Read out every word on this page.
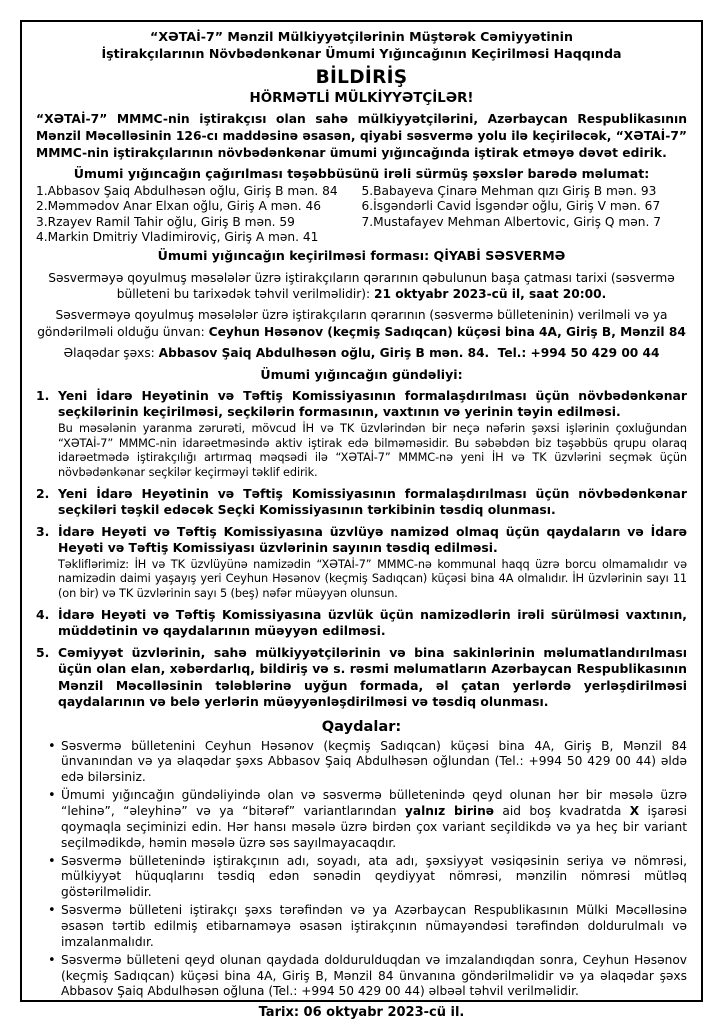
“XƏTAİ-7” Mənzil Mülkiyyətçilərinin Müştərək Cəmiyyətinin
İştirakçılarının Növbədənkənar Ümumi Yığıncağının Keçirilməsi Haqqında
BİLDİRİŞ
HÖRMƏTLİ MÜLKİYYƏTÇİLƏR!

“XƏTAİ-7” MMMC-nin iştirakçısı olan sahə mülkiyyətçilərini, Azərbaycan Respublikasının Mənzil Məcəlləsinin 126-cı maddəsinə əsasən, qiyabi səsvermə yolu ilə keçiriləcək, “XƏTAİ-7” MMMC-nin iştirakçılarının növbədənkənar ümumi yığıncağında iştirak etməyə dəvət edirik.

Ümumi yığıncağın çağırılması təşəbbüsünü irəli sürmüş şəxslər barədə məlumat:
1.Abbasov Şaiq Abdulhəsən oğlu, Giriş B mən. 84
2.Məmmədov Anar Elxan oğlu, Giriş A mən. 46
3.Rzayev Ramil Tahir oğlu, Giriş B mən. 59
4.Markin Dmitriy Vladimiroviç, Giriş A mən. 41
5.Babayeva Çinarə Mehman qızı Giriş B mən. 93
6.İsgəndərli Cavid İsgəndər oğlu, Giriş V mən. 67
7.Mustafayev Mehman Albertovic, Giriş Q mən. 7
Ümumi yığıncağın keçirilməsi forması: QİYABİ SƏSVERMƏ

Səsverməyə qoyulmuş məsələlər üzrə iştirakçıların qərarının qəbulunun başa çatması tarixi (səsvermə bülleteni bu tarixədək təhvil verilməlidir): 21 oktyabr 2023-cü il, saat 20:00.

Səsverməyə qoyulmuş məsələlər üzrə iştirakçıların qərarının (səsvermə bülleteninin) verilməli və ya göndərilməli olduğu ünvan: Ceyhun Həsənov (keçmiş Sadıqcan) küçəsi bina 4A, Giriş B, Mənzil 84

Əlaqədar şəxs: Abbasov Şaiq Abdulhəsən oğlu, Giriş B mən. 84.  Tel.: +994 50 429 00 44

Ümumi yığıncağın gündəliyi:
1. Yeni İdarə Heyətinin və Təftiş Komissiyasının formalaşdırılması üçün növbədənkənar seçkilərinin keçirilməsi, seçkilərin formasının, vaxtının və yerinin təyin edilməsi.
Bu məsələnin yaranma zərurəti, mövcud İH və TK üzvlərindən bir neçə nəfərin şəxsi işlərinin çoxluğundan “XƏTAİ-7” MMMC-nin idarəetməsində aktiv iştirak edə bilməməsidir. Bu səbəbdən biz təşəbbüs qrupu olaraq idarəetmədə iştirakçılığı artırmaq məqsədi ilə “XƏTAİ-7” MMMC-nə yeni İH və TK üzvlərini seçmək üçün növbədənkənar seçkilər keçirməyi təklif edirik.
2. Yeni İdarə Heyətinin və Təftiş Komissiyasının formalaşdırılması üçün növbədənkənar seçkiləri təşkil edəcək Seçki Komissiyasının tərkibinin təsdiq olunması.
3. İdarə Heyəti və Təftiş Komissiyasına üzvlüyə namizəd olmaq üçün qaydaların və İdarə Heyəti və Təftiş Komissiyası üzvlərinin sayının təsdiq edilməsi.
Təkliflərimiz: İH və TK üzvlüyünə namizədin “XƏTAİ-7” MMMC-nə kommunal haqq üzrə borcu olmamalıdır və namizədin daimi yaşayış yeri Ceyhun Həsənov (keçmiş Sadıqcan) küçəsi bina 4A olmalıdır. İH üzvlərinin sayı 11 (on bir) və TK üzvlərinin sayı 5 (beş) nəfər müəyyən olunsun.
4. İdarə Heyəti və Təftiş Komissiyasına üzvlük üçün namizədlərin irəli sürülməsi vaxtının, müddətinin və qaydalarının müəyyən edilməsi.
5. Cəmiyyət üzvlərinin, sahə mülkiyyətçilərinin və bina sakinlərinin məlumatlandırılması üçün olan elan, xəbərdarlıq, bildiriş və s. rəsmi məlumatların Azərbaycan Respublikasının Mənzil Məcəlləsinin tələblərinə uyğun formada, əl çatan yerlərdə yerləşdirilməsi qaydalarının və belə yerlərin müəyyənləşdirilməsi və təsdiq olunması.
Qaydalar:
• Səsvermə bülletenini Ceyhun Həsənov (keçmiş Sadıqcan) küçəsi bina 4A, Giriş B, Mənzil 84 ünvanından və ya əlaqədar şəxs Abbasov Şaiq Abdulhəsən oğlundan (Tel.: +994 50 429 00 44) əldə edə bilərsiniz.
• Ümumi yığıncağın gündəliyində olan və səsvermə bülletenində qeyd olunan hər bir məsələ üzrə “lehinə”, “əleyhinə” və ya “bitərəf” variantlarından yalnız birinə aid boş kvadratda X işarəsi qoymaqla seçiminizi edin. Hər hansı məsələ üzrə birdən çox variant seçildikdə və ya heç bir variant seçilmədikdə, həmin məsələ üzrə səs sayılmayacaqdır.
• Səsvermə bülletenində iştirakçının adı, soyadı, ata adı, şəxsiyyət vəsiqəsinin seriya və nömrəsi, mülkiyyət hüquqlarını təsdiq edən sənədin qeydiyyat nömrəsi, mənzilin nömrəsi mütləq göstərilməlidir.
• Səsvermə bülleteni iştirakçı şəxs tərəfindən və ya Azərbaycan Respublikasının Mülki Məcəlləsinə əsasən tərtib edilmiş etibarnaməyə əsasən iştirakçının nümayəndəsi tərəfindən doldurulmalı və imzalanmalıdır.
• Səsvermə bülleteni qeyd olunan qaydada doldurulduqdan və imzalandıqdan sonra, Ceyhun Həsənov (keçmiş Sadıqcan) küçəsi bina 4A, Giriş B, Mənzil 84 ünvanına göndərilməlidir və ya əlaqədar şəxs Abbasov Şaiq Abdulhəsən oğluna (Tel.: +994 50 429 00 44) əlbəəl təhvil verilməlidir.
Tarix: 06 oktyabr 2023-cü il.
